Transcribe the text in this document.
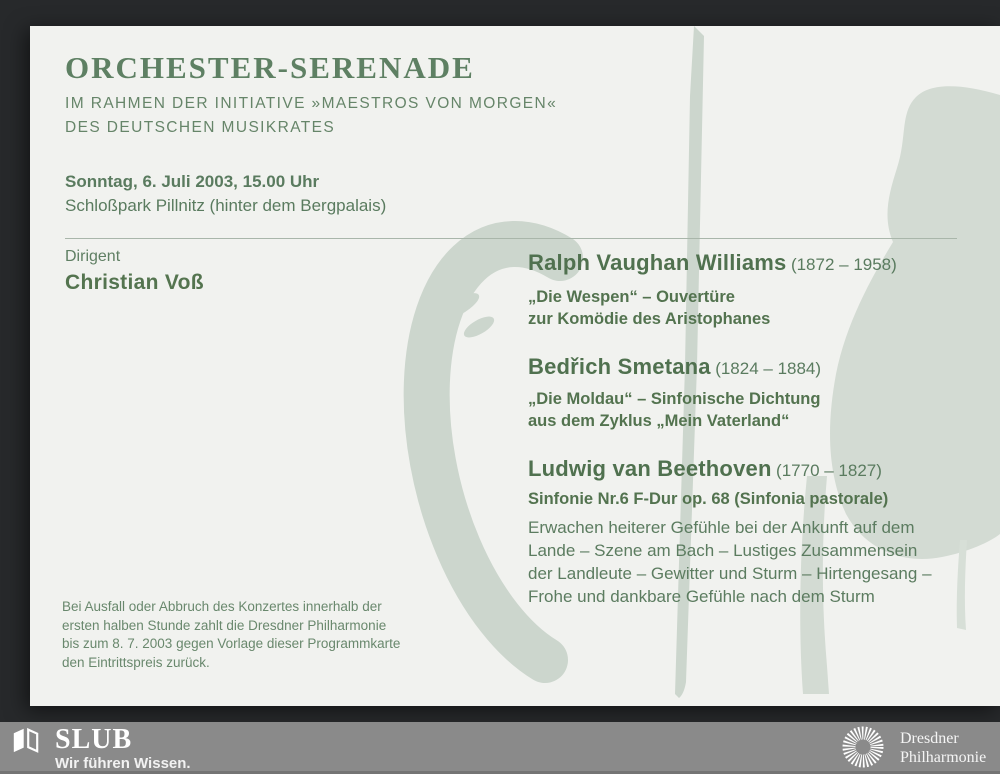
ORCHESTER-SERENADE
IM RAHMEN DER INITIATIVE »MAESTROS VON MORGEN«
DES DEUTSCHEN MUSIKRATES
Sonntag, 6. Juli 2003, 15.00 Uhr
Schloßpark Pillnitz (hinter dem Bergpalais)
Dirigent
Christian Voß
Ralph Vaughan Williams (1872 – 1958)
„Die Wespen“ – Ouvertüre
zur Komödie des Aristophanes
Bedřich Smetana (1824 – 1884)
„Die Moldau“ – Sinfonische Dichtung
aus dem Zyklus „Mein Vaterland“
Ludwig van Beethoven (1770 – 1827)
Sinfonie Nr.6 F-Dur op. 68 (Sinfonia pastorale)
Erwachen heiterer Gefühle bei der Ankunft auf dem
Lande – Szene am Bach – Lustiges Zusammensein
der Landleute – Gewitter und Sturm – Hirtengesang –
Frohe und dankbare Gefühle nach dem Sturm
Bei Ausfall oder Abbruch des Konzertes innerhalb der
ersten halben Stunde zahlt die Dresdner Philharmonie
bis zum 8. 7. 2003 gegen Vorlage dieser Programmkarte
den Eintrittspreis zurück.
SLUB
Wir führen Wissen.
Dresdner
Philharmonie
